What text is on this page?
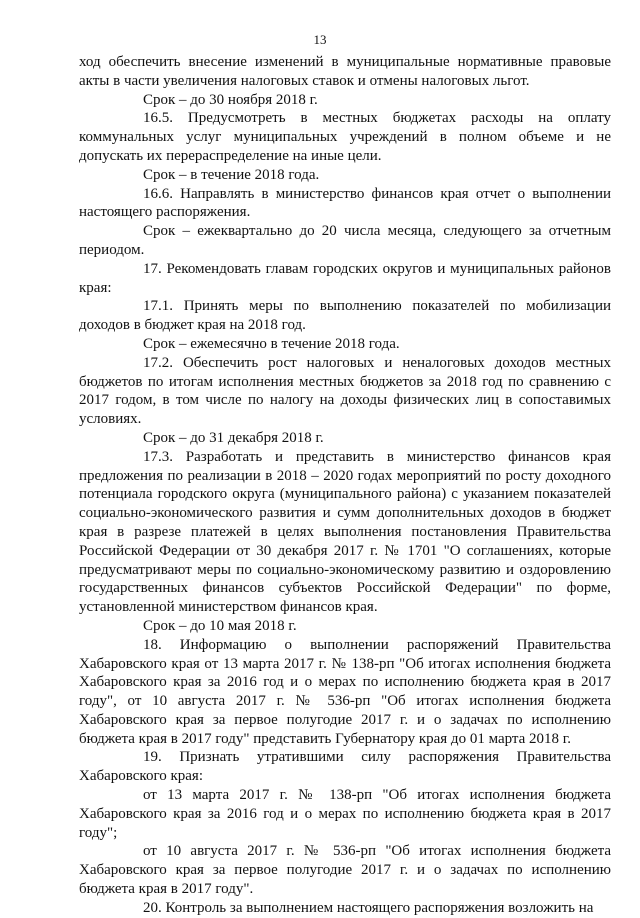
13

ход обеспечить внесение изменений в муниципальные нормативные правовые акты в части увеличения налоговых ставок и отмены налоговых льгот.

Срок – до 30 ноября 2018 г.

16.5. Предусмотреть в местных бюджетах расходы на оплату коммунальных услуг муниципальных учреждений в полном объеме и не допускать их перераспределение на иные цели.

Срок – в течение 2018 года.

16.6. Направлять в министерство финансов края отчет о выполнении настоящего распоряжения.

Срок – ежеквартально до 20 числа месяца, следующего за отчетным периодом.

17. Рекомендовать главам городских округов и муниципальных районов края:

17.1. Принять меры по выполнению показателей по мобилизации доходов в бюджет края на 2018 год.

Срок – ежемесячно в течение 2018 года.

17.2. Обеспечить рост налоговых и неналоговых доходов местных бюджетов по итогам исполнения местных бюджетов за 2018 год по сравнению с 2017 годом, в том числе по налогу на доходы физических лиц в сопоставимых условиях.

Срок – до 31 декабря 2018 г.

17.3. Разработать и представить в министерство финансов края предложения по реализации в 2018 – 2020 годах мероприятий по росту доходного потенциала городского округа (муниципального района) с указанием показателей социально-экономического развития и сумм дополнительных доходов в бюджет края в разрезе платежей в целях выполнения постановления Правительства Российской Федерации от 30 декабря 2017 г. № 1701 "О соглашениях, которые предусматривают меры по социально-экономическому развитию и оздоровлению государственных финансов субъектов Российской Федерации" по форме, установленной министерством финансов края.

Срок – до 10 мая 2018 г.

18. Информацию о выполнении распоряжений Правительства Хабаровского края от 13 марта 2017 г. № 138-рп "Об итогах исполнения бюджета Хабаровского края за 2016 год и о мерах по исполнению бюджета края в 2017 году", от 10 августа 2017 г. № 536-рп "Об итогах исполнения бюджета Хабаровского края за первое полугодие 2017 г. и о задачах по исполнению бюджета края в 2017 году" представить Губернатору края до 01 марта 2018 г.

19. Признать утратившими силу распоряжения Правительства Хабаровского края:

от 13 марта 2017 г. № 138-рп "Об итогах исполнения бюджета Хабаровского края за 2016 год и о мерах по исполнению бюджета края в 2017 году";

от 10 августа 2017 г. № 536-рп "Об итогах исполнения бюджета Хабаровского края за первое полугодие 2017 г. и о задачах по исполнению бюджета края в 2017 году".

20. Контроль за выполнением настоящего распоряжения возложить на
